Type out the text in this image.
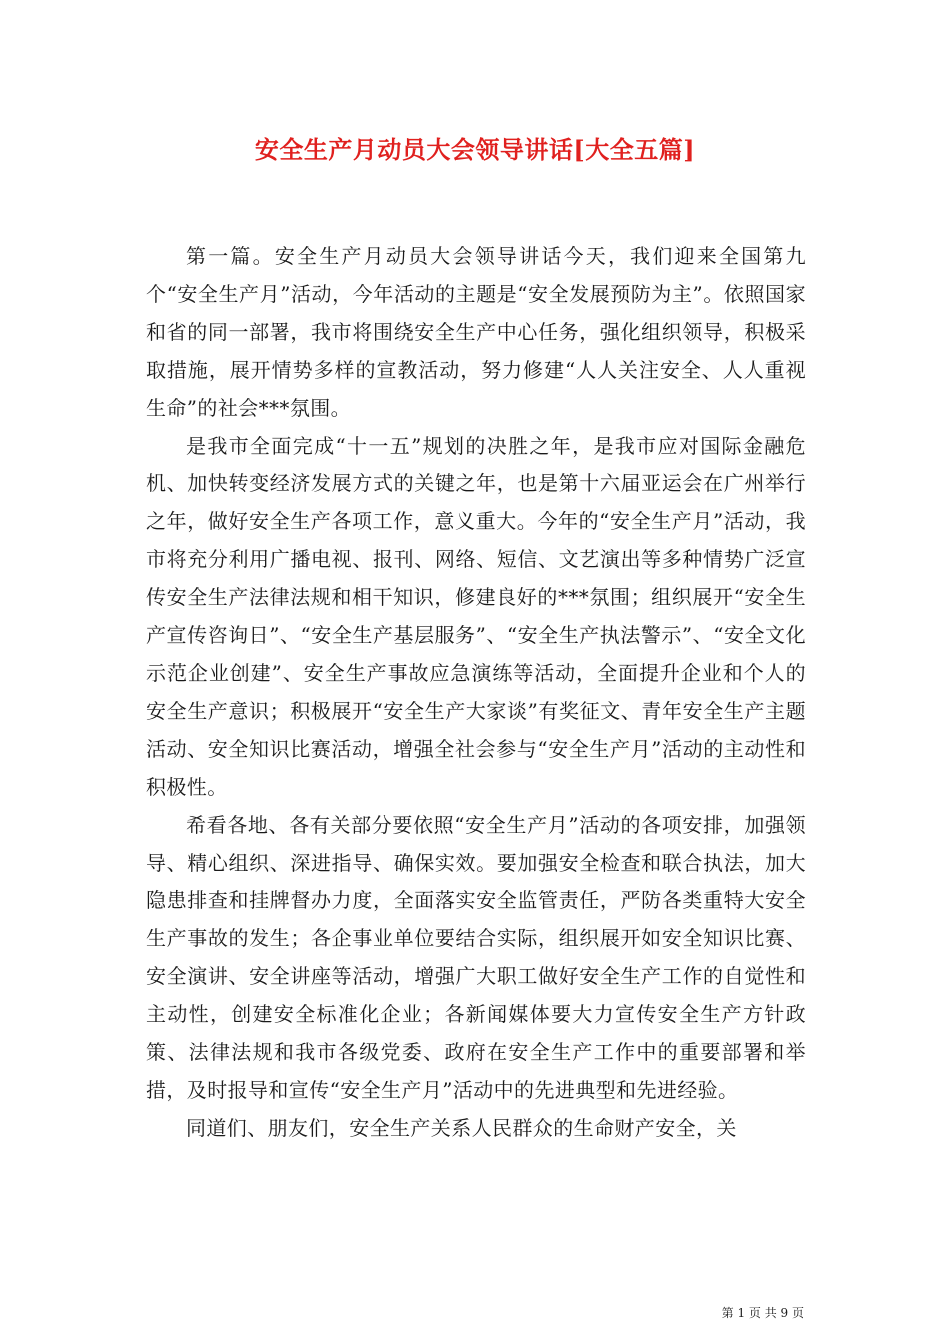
安全生产月动员大会领导讲话[大全五篇]

第一篇。安全生产月动员大会领导讲话今天，我们迎来全国第九个“安全生产月”活动，今年活动的主题是“安全发展预防为主”。依照国家和省的同一部署，我市将围绕安全生产中心任务，强化组织领导，积极采取措施，展开情势多样的宣教活动，努力修建“人人关注安全、人人重视生命”的社会***氛围。

是我市全面完成“十一五”规划的决胜之年，是我市应对国际金融危机、加快转变经济发展方式的关键之年，也是第十六届亚运会在广州举行之年，做好安全生产各项工作，意义重大。今年的“安全生产月”活动，我市将充分利用广播电视、报刊、网络、短信、文艺演出等多种情势广泛宣传安全生产法律法规和相干知识，修建良好的***氛围；组织展开“安全生产宣传咨询日”、“安全生产基层服务”、“安全生产执法警示”、“安全文化示范企业创建”、安全生产事故应急演练等活动，全面提升企业和个人的安全生产意识；积极展开“安全生产大家谈”有奖征文、青年安全生产主题活动、安全知识比赛活动，增强全社会参与“安全生产月”活动的主动性和积极性。

希看各地、各有关部分要依照“安全生产月”活动的各项安排，加强领导、精心组织、深进指导、确保实效。要加强安全检查和联合执法，加大隐患排查和挂牌督办力度，全面落实安全监管责任，严防各类重特大安全生产事故的发生；各企事业单位要结合实际，组织展开如安全知识比赛、安全演讲、安全讲座等活动，增强广大职工做好安全生产工作的自觉性和主动性，创建安全标准化企业；各新闻媒体要大力宣传安全生产方针政策、法律法规和我市各级党委、政府在安全生产工作中的重要部署和举措，及时报导和宣传“安全生产月”活动中的先进典型和先进经验。

同道们、朋友们，安全生产关系人民群众的生命财产安全，关

第 1 页 共 9 页
